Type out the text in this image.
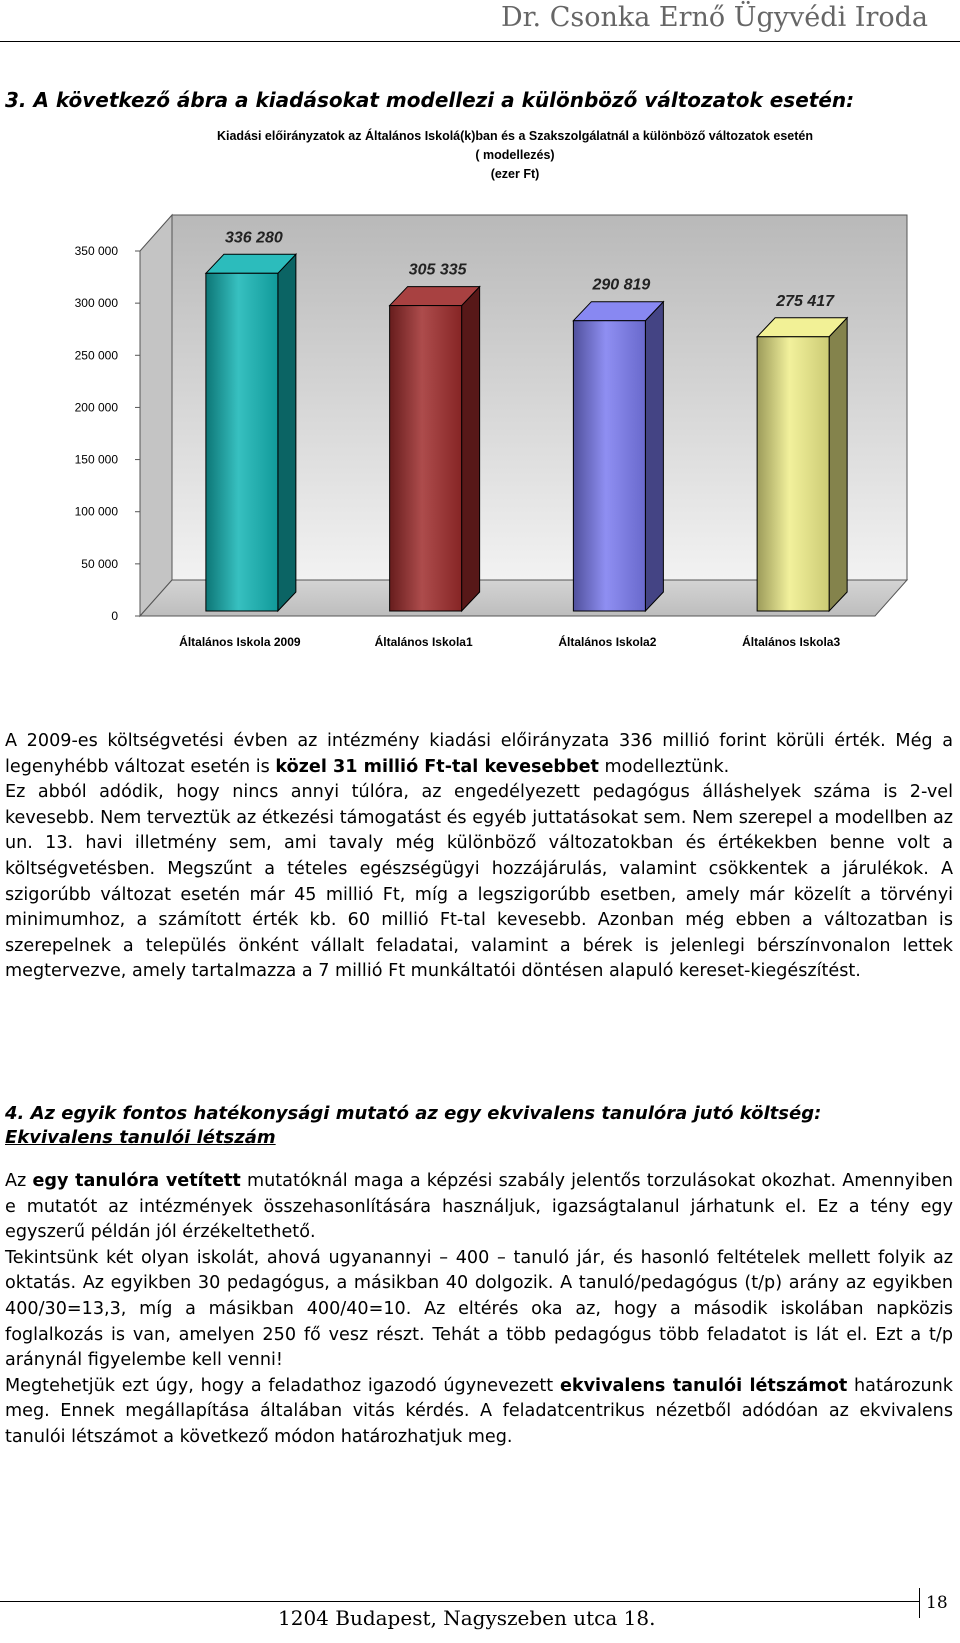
Dr. Csonka Ernő Ügyvédi Iroda
3. A következő ábra a kiadásokat modellezi a különböző változatok esetén:
Kiadási előirányzatok az Általános Iskolá(k)ban és a Szakszolgálatnál a különböző változatok esetén
( modellezés)
(ezer Ft)
0
50 000
100 000
150 000
200 000
250 000
300 000
350 000
336 280
305 335
290 819
275 417
Általános Iskola 2009	Általános Iskola1	Általános Iskola2	Általános Iskola3

A 2009-es költségvetési évben az intézmény kiadási előirányzata 336 millió forint körüli érték. Még a legenyhébb változat esetén is közel 31 millió Ft-tal kevesebbet modelleztünk.

Ez abból adódik, hogy nincs annyi túlóra, az engedélyezett pedagógus álláshelyek száma is 2-vel kevesebb. Nem terveztük az étkezési támogatást és egyéb juttatásokat sem. Nem szerepel a modellben az un. 13. havi illetmény sem, ami tavaly még különböző változatokban és értékekben benne volt a költségvetésben. Megszűnt a tételes egészségügyi hozzájárulás, valamint csökkentek a járulékok. A szigorúbb változat esetén már 45 millió Ft, míg a legszigorúbb esetben, amely már közelít a törvényi minimumhoz, a számított érték kb. 60 millió Ft-tal kevesebb. Azonban még ebben a változatban is szerepelnek a település önként vállalt feladatai, valamint a bérek is jelenlegi bérszínvonalon lettek megtervezve, amely tartalmazza a 7 millió Ft munkáltatói döntésen alapuló kereset-kiegészítést.

4. Az egyik fontos hatékonysági mutató az egy ekvivalens tanulóra jutó költség:
Ekvivalens tanulói létszám

Az egy tanulóra vetített mutatóknál maga a képzési szabály jelentős torzulásokat okozhat. Amennyiben e mutatót az intézmények összehasonlítására használjuk, igazságtalanul járhatunk el. Ez a tény egy egyszerű példán jól érzékeltethető.

Tekintsünk két olyan iskolát, ahová ugyanannyi – 400 – tanuló jár, és hasonló feltételek mellett folyik az oktatás. Az egyikben 30 pedagógus, a másikban 40 dolgozik. A tanuló/pedagógus (t/p) arány az egyikben 400/30=13,3, míg a másikban 400/40=10. Az eltérés oka az, hogy a második iskolában napközis foglalkozás is van, amelyen 250 fő vesz részt. Tehát a több pedagógus több feladatot is lát el. Ezt a t/p aránynál figyelembe kell venni!

Megtehetjük ezt úgy, hogy a feladathoz igazodó úgynevezett ekvivalens tanulói létszámot határozunk meg. Ennek megállapítása általában vitás kérdés. A feladatcentrikus nézetből adódóan az ekvivalens tanulói létszámot a következő módon határozhatjuk meg.

1204 Budapest, Nagyszeben utca 18.
18
